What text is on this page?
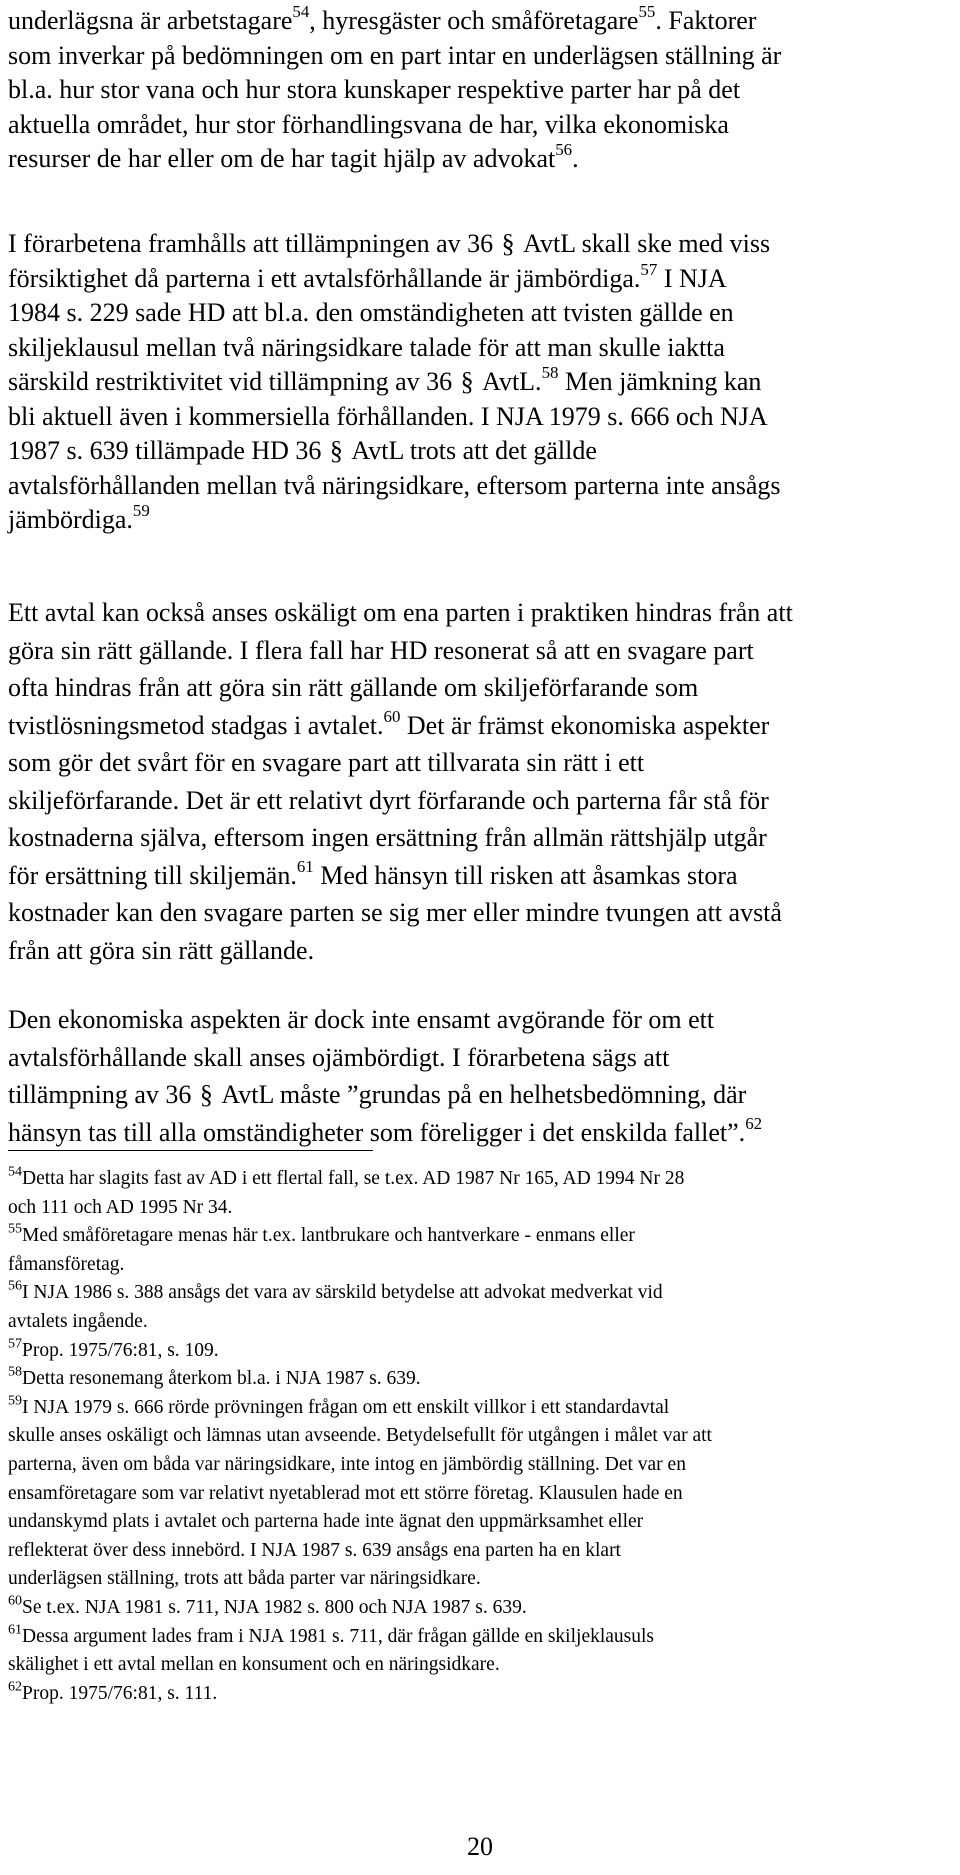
underlägsna är arbetstagare$^{54}$, hyresgäster och småföretagare$^{55}$. Faktorer
som inverkar på bedömningen om en part intar en underlägsen ställning är
bl.a. hur stor vana och hur stora kunskaper respektive parter har på det
aktuella området, hur stor förhandlingsvana de har, vilka ekonomiska
resurser de har eller om de har tagit hjälp av advokat$^{56}$.
I förarbetena framhålls att tillämpningen av 36 § AvtL skall ske med viss
försiktighet då parterna i ett avtalsförhållande är jämbördiga.$^{57}$ I NJA
1984 s. 229 sade HD att bl.a. den omständigheten att tvisten gällde en
skiljeklausul mellan två näringsidkare talade för att man skulle iaktta
särskild restriktivitet vid tillämpning av 36 § AvtL.$^{58}$ Men jämkning kan
bli aktuell även i kommersiella förhållanden. I NJA 1979 s. 666 och NJA
1987 s. 639 tillämpade HD 36 § AvtL trots att det gällde
avtalsförhållanden mellan två näringsidkare, eftersom parterna inte ansågs
jämbördiga.$^{59}$
Ett avtal kan också anses oskäligt om ena parten i praktiken hindras från att
göra sin rätt gällande. I flera fall har HD resonerat så att en svagare part
ofta hindras från att göra sin rätt gällande om skiljeförfarande som
tvistlösningsmetod stadgas i avtalet.$^{60}$ Det är främst ekonomiska aspekter
som gör det svårt för en svagare part att tillvarata sin rätt i ett
skiljeförfarande. Det är ett relativt dyrt förfarande och parterna får stå för
kostnaderna själva, eftersom ingen ersättning från allmän rättshjälp utgår
för ersättning till skiljemän.$^{61}$ Med hänsyn till risken att åsamkas stora
kostnader kan den svagare parten se sig mer eller mindre tvungen att avstå
från att göra sin rätt gällande.
Den ekonomiska aspekten är dock inte ensamt avgörande för om ett
avtalsförhållande skall anses ojämbördigt. I förarbetena sägs att
tillämpning av 36 § AvtL måste ”grundas på en helhetsbedömning, där
hänsyn tas till alla omständigheter som föreligger i det enskilda fallet”.$^{62}$
$^{54}$Detta har slagits fast av AD i ett flertal fall, se t.ex. AD 1987 Nr 165, AD 1994 Nr 28
och 111 och AD 1995 Nr 34.
$^{55}$Med småföretagare menas här t.ex. lantbrukare och hantverkare - enmans eller
fåmansföretag.
$^{56}$I NJA 1986 s. 388 ansågs det vara av särskild betydelse att advokat medverkat vid
avtalets ingående.
$^{57}$Prop. 1975/76:81, s. 109.
$^{58}$Detta resonemang återkom bl.a. i NJA 1987 s. 639.
$^{59}$I NJA 1979 s. 666 rörde prövningen frågan om ett enskilt villkor i ett standardavtal
skulle anses oskäligt och lämnas utan avseende. Betydelsefullt för utgången i målet var att
parterna, även om båda var näringsidkare, inte intog en jämbördig ställning. Det var en
ensamföretagare som var relativt nyetablerad mot ett större företag. Klausulen hade en
undanskymd plats i avtalet och parterna hade inte ägnat den uppmärksamhet eller
reflekterat över dess innebörd. I NJA 1987 s. 639 ansågs ena parten ha en klart
underlägsen ställning, trots att båda parter var näringsidkare.
$^{60}$Se t.ex. NJA 1981 s. 711, NJA 1982 s. 800 och NJA 1987 s. 639.
$^{61}$Dessa argument lades fram i NJA 1981 s. 711, där frågan gällde en skiljeklausuls
skälighet i ett avtal mellan en konsument och en näringsidkare.
$^{62}$Prop. 1975/76:81, s. 111.
20
